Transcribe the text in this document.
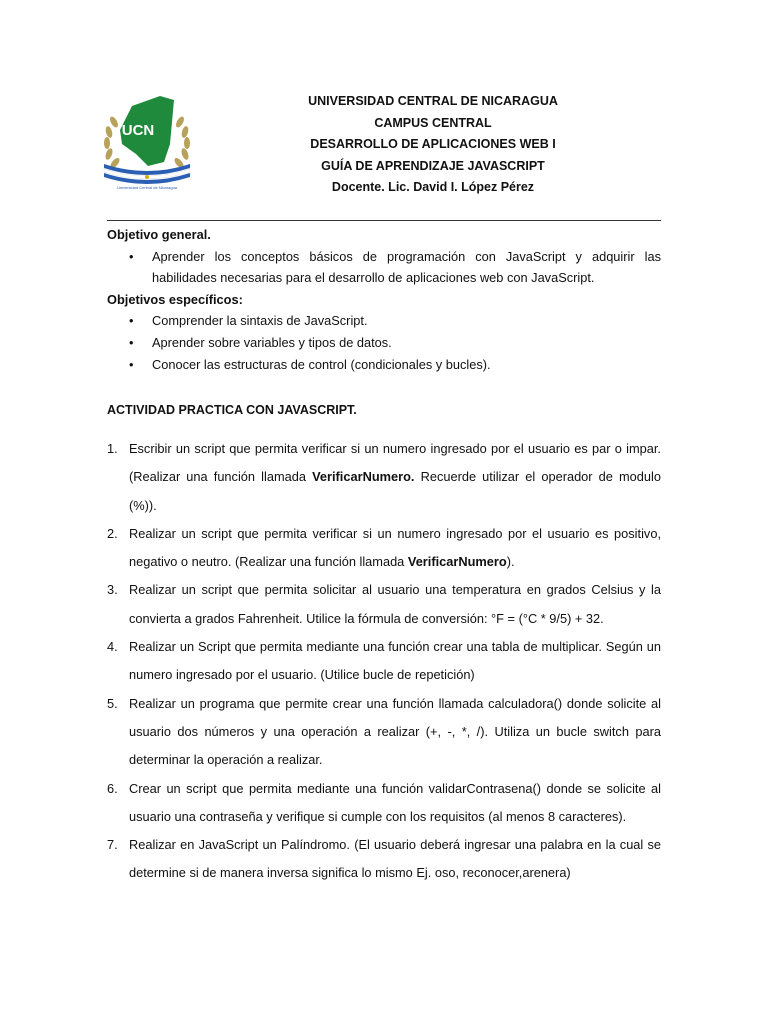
UCN
Universidad Central de Nicaragua
UNIVERSIDAD CENTRAL DE NICARAGUA
CAMPUS CENTRAL
DESARROLLO DE APLICACIONES WEB I
GUÍA DE APRENDIZAJE JAVASCRIPT
Docente. Lic. David I. López Pérez
Objetivo general.
• Aprender los conceptos básicos de programación con JavaScript y adquirir las habilidades necesarias para el desarrollo de aplicaciones web con JavaScript.
Objetivos específicos:
• Comprender la sintaxis de JavaScript.
• Aprender sobre variables y tipos de datos.
• Conocer las estructuras de control (condicionales y bucles).
ACTIVIDAD PRACTICA CON JAVASCRIPT.
1. Escribir un script que permita verificar si un numero ingresado por el usuario es par o impar. (Realizar una función llamada VerificarNumero. Recuerde utilizar el operador de modulo (%)).
2. Realizar un script que permita verificar si un numero ingresado por el usuario es positivo, negativo o neutro. (Realizar una función llamada VerificarNumero).
3. Realizar un script que permita solicitar al usuario una temperatura en grados Celsius y la convierta a grados Fahrenheit. Utilice la fórmula de conversión: °F = (°C * 9/5) + 32.
4. Realizar un Script que permita mediante una función crear una tabla de multiplicar. Según un numero ingresado por el usuario. (Utilice bucle de repetición)
5. Realizar un programa que permite crear una función llamada calculadora() donde solicite al usuario dos números y una operación a realizar (+, -, *, /). Utiliza un bucle switch para determinar la operación a realizar.
6. Crear un script que permita mediante una función validarContrasena() donde se solicite al usuario una contraseña y verifique si cumple con los requisitos (al menos 8 caracteres).
7. Realizar en JavaScript un Palíndromo. (El usuario deberá ingresar una palabra en la cual se determine si de manera inversa significa lo mismo Ej. oso, reconocer,arenera)
